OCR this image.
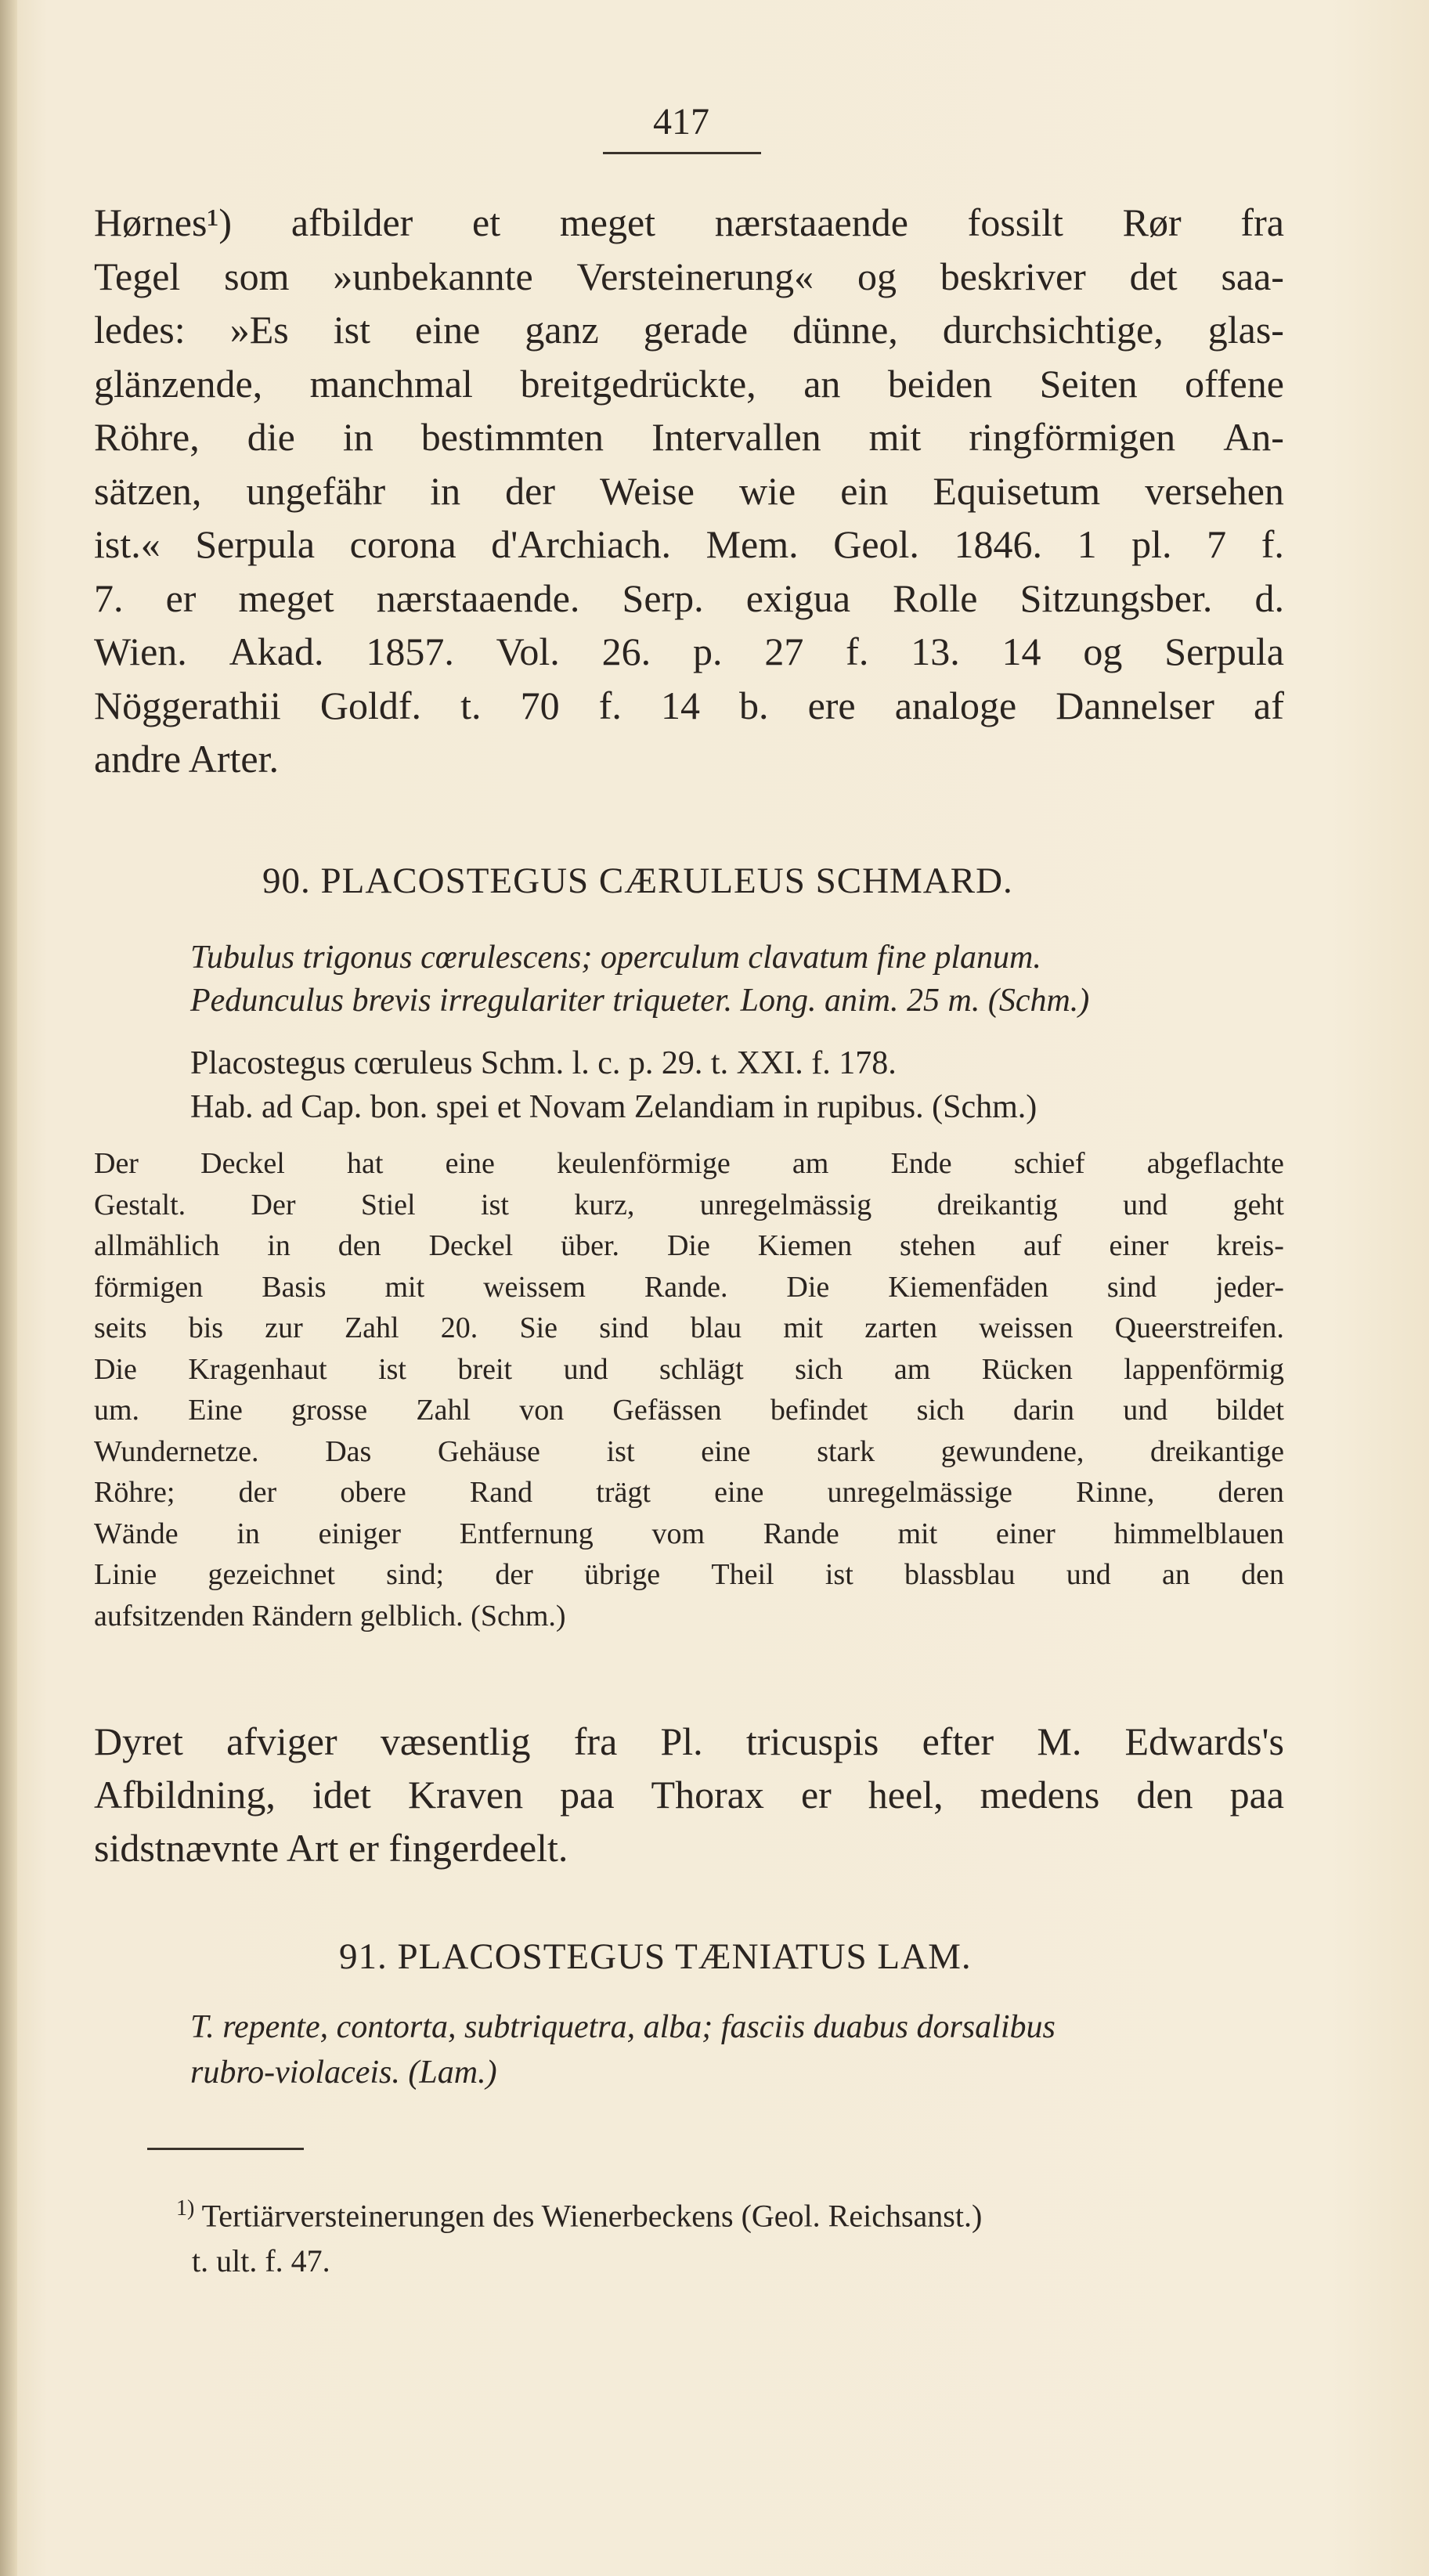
417
Hørnes¹) afbilder et meget nærstaaende fossilt Rør fra
Tegel som »unbekannte Versteinerung« og beskriver det saa-
ledes: »Es ist eine ganz gerade dünne, durchsichtige, glas-
glänzende, manchmal breitgedrückte, an beiden Seiten offene
Röhre, die in bestimmten Intervallen mit ringförmigen An-
sätzen, ungefähr in der Weise wie ein Equisetum versehen
ist.« Serpula corona d'Archiach. Mem. Geol. 1846. 1 pl. 7 f.
7. er meget nærstaaende. Serp. exigua Rolle Sitzungsber. d.
Wien. Akad. 1857. Vol. 26. p. 27 f. 13. 14 og Serpula
Nöggerathii Goldf. t. 70 f. 14 b. ere analoge Dannelser af
andre Arter.
90. PLACOSTEGUS CÆRULEUS SCHMARD.
Tubulus trigonus cœrulescens; operculum clavatum fine planum.
Pedunculus brevis irregulariter triqueter. Long. anim. 25 m. (Schm.)
Placostegus cœruleus Schm. l. c. p. 29. t. XXI. f. 178.
Hab. ad Cap. bon. spei et Novam Zelandiam in rupibus. (Schm.)
Der Deckel hat eine keulenförmige am Ende schief abgeflachte
Gestalt. Der Stiel ist kurz, unregelmässig dreikantig und geht
allmählich in den Deckel über. Die Kiemen stehen auf einer kreis-
förmigen Basis mit weissem Rande. Die Kiemenfäden sind jeder-
seits bis zur Zahl 20. Sie sind blau mit zarten weissen Queerstreifen.
Die Kragenhaut ist breit und schlägt sich am Rücken lappenförmig
um. Eine grosse Zahl von Gefässen befindet sich darin und bildet
Wundernetze. Das Gehäuse ist eine stark gewundene, dreikantige
Röhre; der obere Rand trägt eine unregelmässige Rinne, deren
Wände in einiger Entfernung vom Rande mit einer himmelblauen
Linie gezeichnet sind; der übrige Theil ist blassblau und an den
aufsitzenden Rändern gelblich. (Schm.)
Dyret afviger væsentlig fra Pl. tricuspis efter M. Edwards's
Afbildning, idet Kraven paa Thorax er heel, medens den paa
sidstnævnte Art er fingerdeelt.
91. PLACOSTEGUS TÆNIATUS LAM.
T. repente, contorta, subtriquetra, alba; fasciis duabus dorsalibus
rubro-violaceis. (Lam.)
$^{1)}$ Tertiärversteinerungen des Wienerbeckens (Geol. Reichsanst.)
t. ult. f. 47.
